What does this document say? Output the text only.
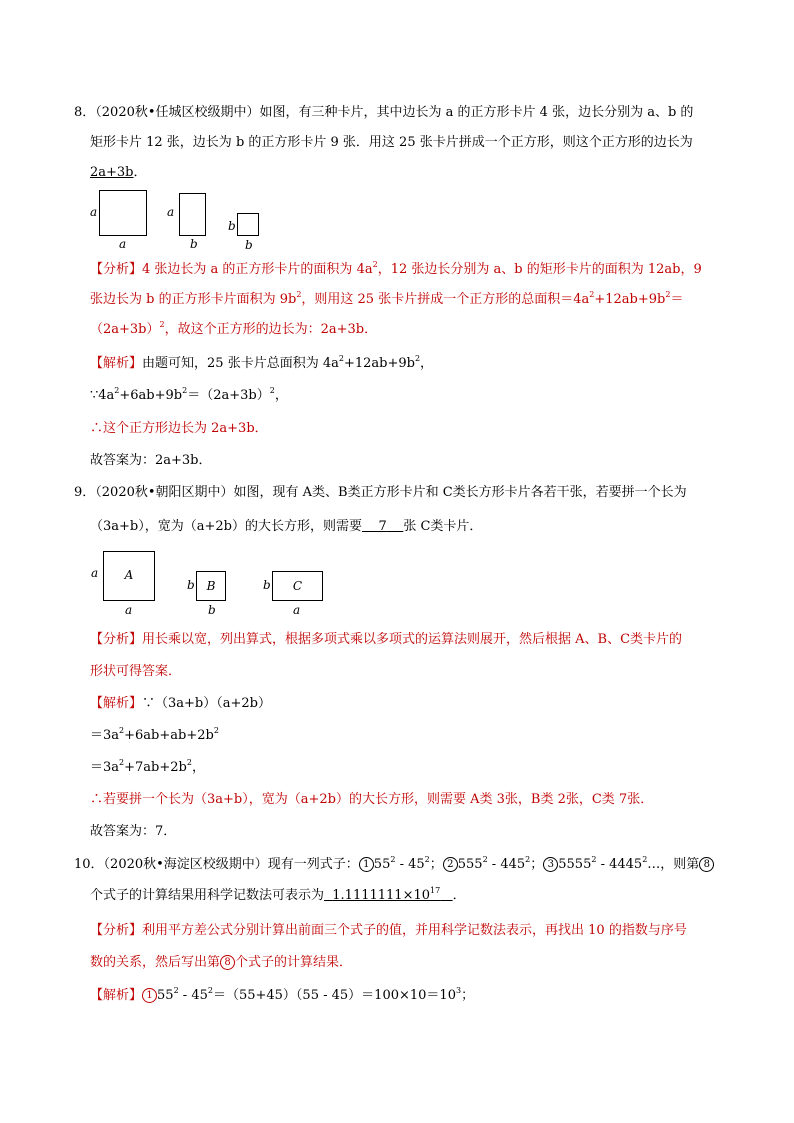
8．（2020秋•任城区校级期中）如图，有三种卡片，其中边长为 a 的正方形卡片 4 张，边长分别为 a、b 的
矩形卡片 12 张，边长为 b 的正方形卡片 9 张．用这 25 张卡片拼成一个正方形，则这个正方形的边长为
2a+3b．
a
a
a
b
b
b
【分析】4 张边长为 a 的正方形卡片的面积为 $4a^2$，12 张边长分别为 a、b 的矩形卡片的面积为 12ab，9
张边长为 b 的正方形卡片面积为 $9b^2$，则用这 25 张卡片拼成一个正方形的总面积$=4a^2+12ab+9b^2=$
$(2a+3b)^2$，故这个正方形的边长为：2a+3b．
【解析】由题可知，25 张卡片总面积为 $4a^2+12ab+9b^2$，
$\because 4a^2+6ab+9b^2=(2a+3b)^2$，
∴这个正方形边长为 2a+3b．
故答案为：2a+3b．
9．（2020秋•朝阳区期中）如图，现有 A类、B类正方形卡片和 C类长方形卡片各若干张，若要拼一个长为
（3a+b），宽为（a+2b）的大长方形，则需要 7 张 C类卡片．
a	A
a
b B
b
b	C
a
【分析】用长乘以宽，列出算式，根据多项式乘以多项式的运算法则展开，然后根据 A、B、C类卡片的
形状可得答案．
【解析】∵（3a+b）（a+2b）
$=3a^2+6ab+ab+2b^2$
$=3a^2+7ab+2b^2$，
∴若要拼一个长为（3a+b），宽为（a+2b）的大长方形，则需要 A类 3张，B类 2张，C类 7张．
故答案为：7．
10．（2020秋•海淀区校级期中）现有一列式子： 1 $55^2 - 45^2$； 2 $555^2 - 445^2$； 3 5555$^2$ - 4445$^2$…，则第 8
个式子的计算结果用科学记数法可表示为 $1.1111111\times 10^{17}$ ．
【分析】利用平方差公式分别计算出前面三个式子的值，并用科学记数法表示，再找出 10 的指数与序号
数的关系，然后写出第 8 个式子的计算结果．
【解析】 1 $55^2 - 45^2=(55+45)(55 - 45)=100\times 10=10^3$；
